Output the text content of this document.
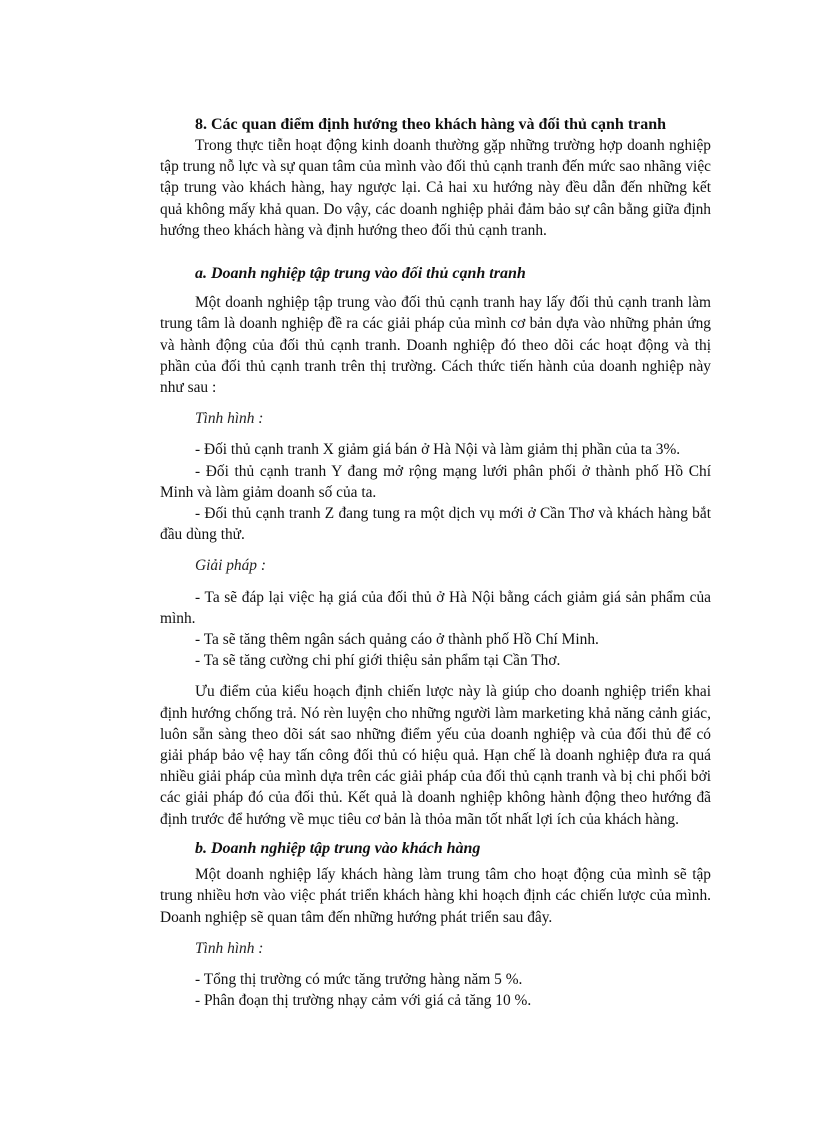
8. Các quan điểm định hướng theo khách hàng và đối thủ cạnh tranh

Trong thực tiễn hoạt động kinh doanh thường gặp những trường hợp doanh nghiệp tập trung nỗ lực và sự quan tâm của mình vào đối thủ cạnh tranh đến mức sao nhãng việc tập trung vào khách hàng, hay ngược lại. Cả hai xu hướng này đều dẫn đến những kết quả không mấy khả quan. Do vậy, các doanh nghiệp phải đảm bảo sự cân bằng giữa định hướng theo khách hàng và định hướng theo đối thủ cạnh tranh.

a. Doanh nghiệp tập trung vào đối thủ cạnh tranh

Một doanh nghiệp tập trung vào đối thủ cạnh tranh hay lấy đối thủ cạnh tranh làm trung tâm là doanh nghiệp đề ra các giải pháp của mình cơ bản dựa vào những phản ứng và hành động của đối thủ cạnh tranh. Doanh nghiệp đó theo dõi các hoạt động và thị phần của đối thủ cạnh tranh trên thị trường. Cách thức tiến hành của doanh nghiệp này như sau :

Tình hình :

- Đối thủ cạnh tranh X giảm giá bán ở Hà Nội và làm giảm thị phần của ta 3%.

- Đối thủ cạnh tranh Y đang mở rộng mạng lưới phân phối ở thành phố Hồ Chí Minh và làm giảm doanh số của ta.

- Đối thủ cạnh tranh Z đang tung ra một dịch vụ mới ở Cần Thơ và khách hàng bắt đầu dùng thử.

Giải pháp :

- Ta sẽ đáp lại việc hạ giá của đối thủ ở Hà Nội bằng cách giảm giá sản phẩm của mình.

- Ta sẽ tăng thêm ngân sách quảng cáo ở thành phố Hồ Chí Minh.

- Ta sẽ tăng cường chi phí giới thiệu sản phẩm tại Cần Thơ.

Ưu điểm của kiểu hoạch định chiến lược này là giúp cho doanh nghiệp triển khai định hướng chống trả. Nó rèn luyện cho những người làm marketing khả năng cảnh giác, luôn sẵn sàng theo dõi sát sao những điểm yếu của doanh nghiệp và của đối thủ để có giải pháp bảo vệ hay tấn công đối thủ có hiệu quả. Hạn chế là doanh nghiệp đưa ra quá nhiều giải pháp của mình dựa trên các giải pháp của đối thủ cạnh tranh và bị chi phối bởi các giải pháp đó của đối thủ. Kết quả là doanh nghiệp không hành động theo hướng đã định trước để hướng về mục tiêu cơ bản là thỏa mãn tốt nhất lợi ích của khách hàng.

b. Doanh nghiệp tập trung vào khách hàng

Một doanh nghiệp lấy khách hàng làm trung tâm cho hoạt động của mình sẽ tập trung nhiều hơn vào việc phát triển khách hàng khi hoạch định các chiến lược của mình. Doanh nghiệp sẽ quan tâm đến những hướng phát triển sau đây.

Tình hình :

- Tổng thị trường có mức tăng trưởng hàng năm 5 %.

- Phân đoạn thị trường nhạy cảm với giá cả tăng 10 %.
